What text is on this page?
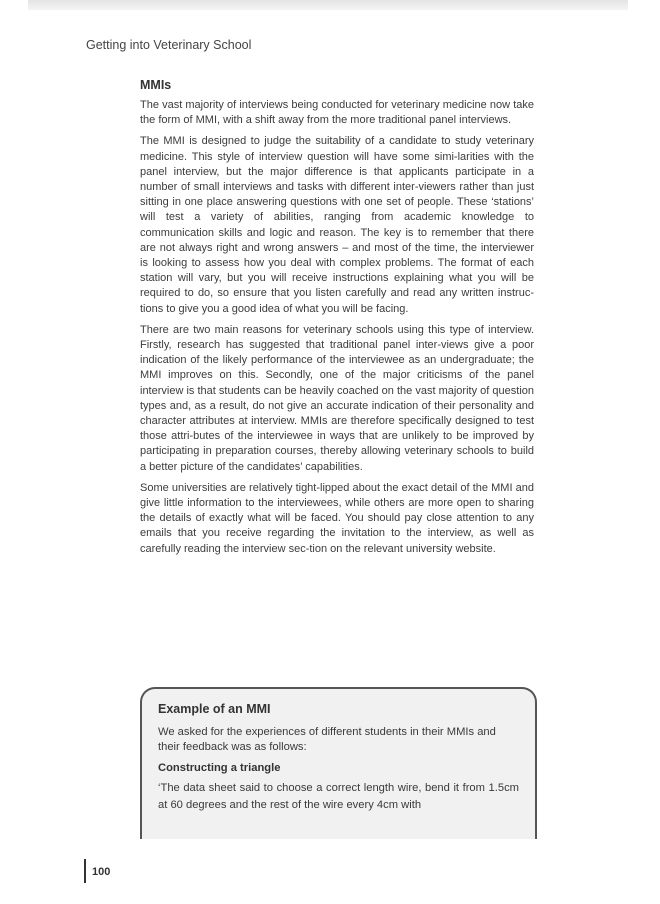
Getting into Veterinary School
MMIs

The vast majority of interviews being conducted for veterinary medicine now take the form of MMI, with a shift away from the more traditional panel interviews.

The MMI is designed to judge the suitability of a candidate to study veterinary medicine. This style of interview question will have some simi-larities with the panel interview, but the major difference is that applicants participate in a number of small interviews and tasks with different inter-viewers rather than just sitting in one place answering questions with one set of people. These ‘stations’ will test a variety of abilities, ranging from academic knowledge to communication skills and logic and reason. The key is to remember that there are not always right and wrong answers – and most of the time, the interviewer is looking to assess how you deal with complex problems. The format of each station will vary, but you will receive instructions explaining what you will be required to do, so ensure that you listen carefully and read any written instruc-tions to give you a good idea of what you will be facing.

There are two main reasons for veterinary schools using this type of interview. Firstly, research has suggested that traditional panel inter-views give a poor indication of the likely performance of the interviewee as an undergraduate; the MMI improves on this. Secondly, one of the major criticisms of the panel interview is that students can be heavily coached on the vast majority of question types and, as a result, do not give an accurate indication of their personality and character attributes at interview. MMIs are therefore specifically designed to test those attri-butes of the interviewee in ways that are unlikely to be improved by participating in preparation courses, thereby allowing veterinary schools to build a better picture of the candidates’ capabilities.

Some universities are relatively tight-lipped about the exact detail of the MMI and give little information to the interviewees, while others are more open to sharing the details of exactly what will be faced. You should pay close attention to any emails that you receive regarding the invitation to the interview, as well as carefully reading the interview sec-tion on the relevant university website.

Example of an MMI

We asked for the experiences of different students in their MMIs and their feedback was as follows:

Constructing a triangle

‘The data sheet said to choose a correct length wire, bend it from 1.5cm at 60 degrees and the rest of the wire every 4cm with

100
